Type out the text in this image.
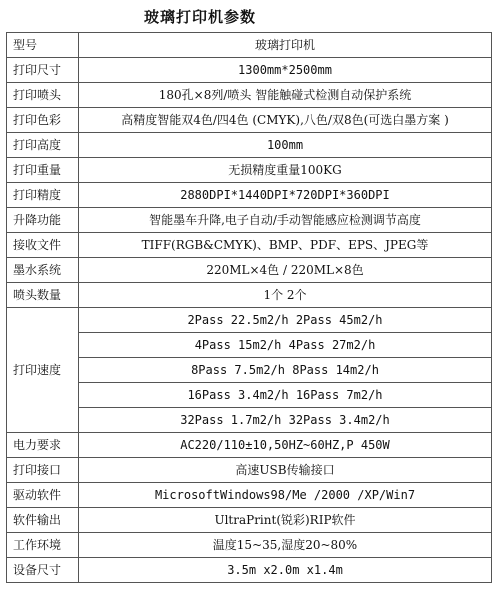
玻璃打印机参数
型号	玻璃打印机
打印尺寸	1300mm*2500mm
打印喷头	180孔×8列/喷头 智能触碰式检测自动保护系统
打印色彩	高精度智能双4色/四4色 (CMYK),八色/双8色(可选白墨方案 )
打印高度	100mm
打印重量	无损精度重量100KG
打印精度	2880DPI*1440DPI*720DPI*360DPI
升降功能	智能墨车升降,电子自动/手动智能感应检测调节高度
接收文件	TIFF(RGB&CMYK)、BMP、PDF、EPS、JPEG等
墨水系统	220ML×4色 / 220ML×8色
喷头数量	1个 2个
打印速度	2Pass 22.5m2/h 2Pass 45m2/h
	4Pass 15m2/h 4Pass 27m2/h
	8Pass 7.5m2/h 8Pass 14m2/h
	16Pass 3.4m2/h 16Pass 7m2/h
	32Pass 1.7m2/h 32Pass 3.4m2/h
电力要求	AC220/110±10,50HZ~60HZ,P 450W
打印接口	高速USB传输接口
驱动软件	MicrosoftWindows98/Me /2000 /XP/Win7
软件输出	UltraPrint(锐彩)RIP软件
工作环境	温度15~35,湿度20~80%
设备尺寸	3.5m x2.0m x1.4m
